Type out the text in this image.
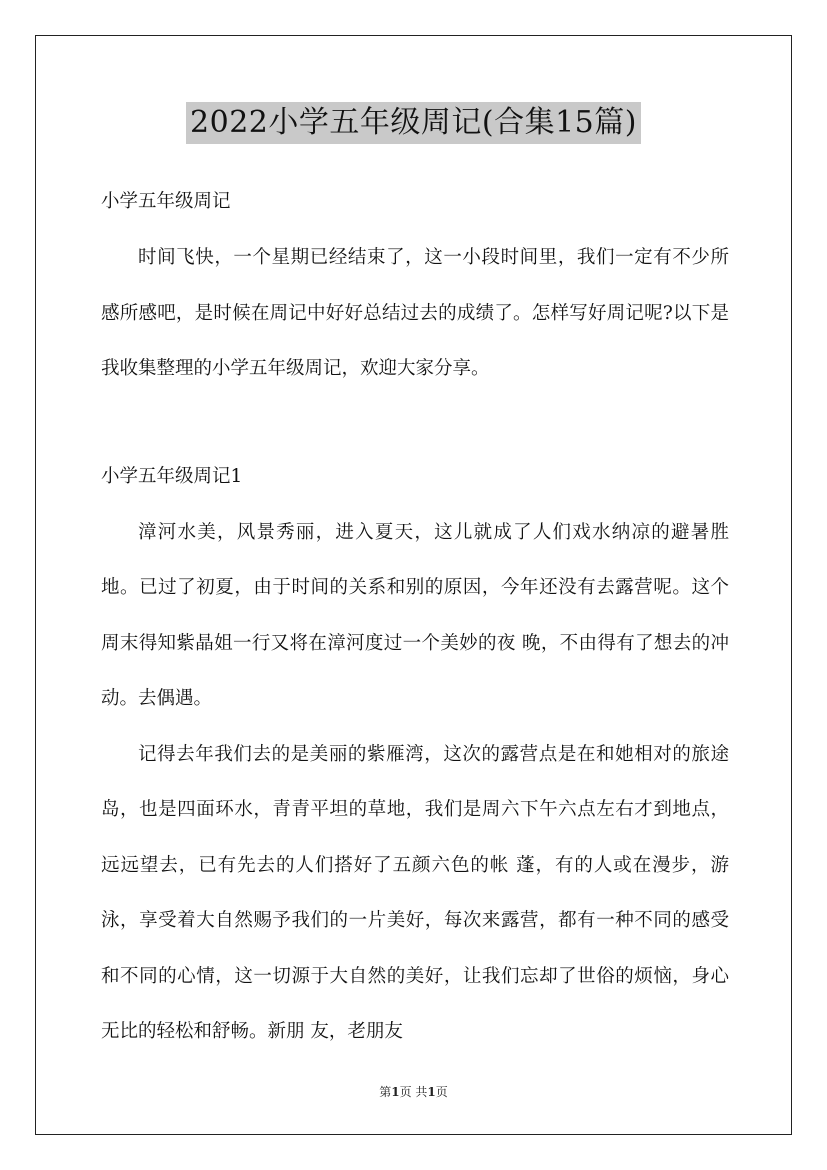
2022小学五年级周记(合集15篇)

小学五年级周记

时间飞快，一个星期已经结束了，这一小段时间里，我们一定有不少所感所感吧，是时候在周记中好好总结过去的成绩了。怎样写好周记呢?以下是我收集整理的小学五年级周记，欢迎大家分享。

小学五年级周记1

漳河水美，风景秀丽，进入夏天，这儿就成了人们戏水纳凉的避暑胜地。已过了初夏，由于时间的关系和别的原因，今年还没有去露营呢。这个周末得知紫晶姐一行又将在漳河度过一个美妙的夜 晚，不由得有了想去的冲动。去偶遇。

记得去年我们去的是美丽的紫雁湾，这次的露营点是在和她相对的旅途岛，也是四面环水，青青平坦的草地，我们是周六下午六点左右才到地点，远远望去，已有先去的人们搭好了五颜六色的帐 蓬，有的人或在漫步，游泳，享受着大自然赐予我们的一片美好，每次来露营，都有一种不同的感受和不同的心情，这一切源于大自然的美好，让我们忘却了世俗的烦恼，身心无比的轻松和舒畅。新朋 友，老朋友

第1页 共1页
